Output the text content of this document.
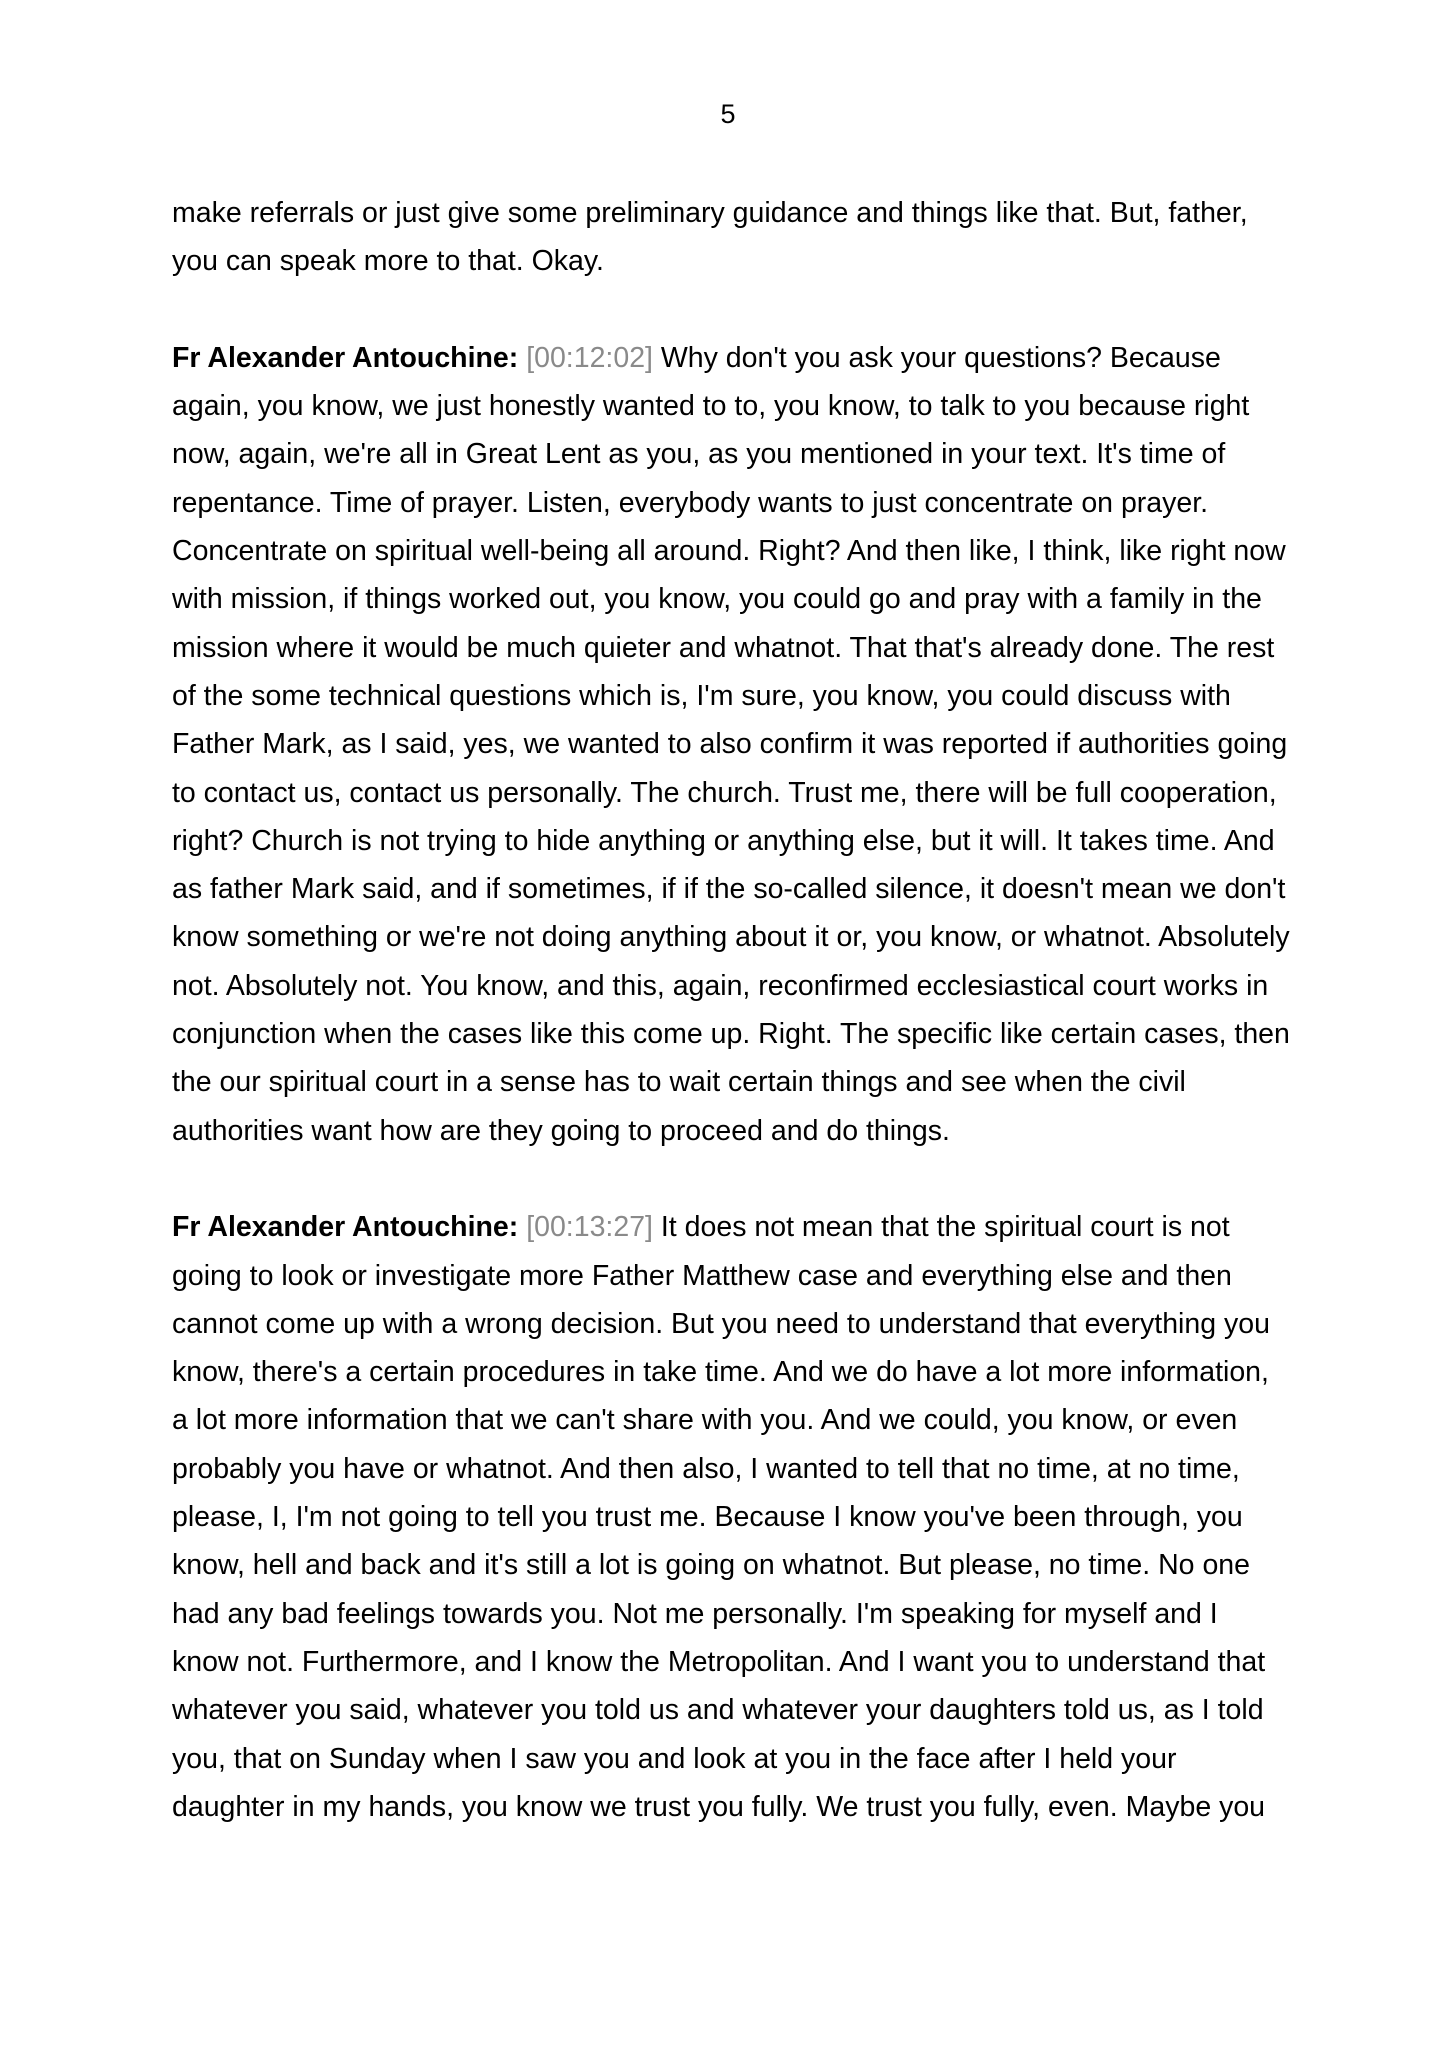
5

make referrals or just give some preliminary guidance and things like that. But, father, you can speak more to that. Okay.

Fr Alexander Antouchine: [00:12:02] Why don't you ask your questions? Because again, you know, we just honestly wanted to to, you know, to talk to you because right now, again, we're all in Great Lent as you, as you mentioned in your text. It's time of repentance. Time of prayer. Listen, everybody wants to just concentrate on prayer. Concentrate on spiritual well-being all around. Right? And then like, I think, like right now with mission, if things worked out, you know, you could go and pray with a family in the mission where it would be much quieter and whatnot. That that's already done. The rest of the some technical questions which is, I'm sure, you know, you could discuss with Father Mark, as I said, yes, we wanted to also confirm it was reported if authorities going to contact us, contact us personally. The church. Trust me, there will be full cooperation, right? Church is not trying to hide anything or anything else, but it will. It takes time. And as father Mark said, and if sometimes, if if the so-called silence, it doesn't mean we don't know something or we're not doing anything about it or, you know, or whatnot. Absolutely not. Absolutely not. You know, and this, again, reconfirmed ecclesiastical court works in conjunction when the cases like this come up. Right. The specific like certain cases, then the our spiritual court in a sense has to wait certain things and see when the civil authorities want how are they going to proceed and do things.

Fr Alexander Antouchine: [00:13:27] It does not mean that the spiritual court is not going to look or investigate more Father Matthew case and everything else and then cannot come up with a wrong decision. But you need to understand that everything you know, there's a certain procedures in take time. And we do have a lot more information, a lot more information that we can't share with you. And we could, you know, or even probably you have or whatnot. And then also, I wanted to tell that no time, at no time, please, I, I'm not going to tell you trust me. Because I know you've been through, you know, hell and back and it's still a lot is going on whatnot. But please, no time. No one had any bad feelings towards you. Not me personally. I'm speaking for myself and I know not. Furthermore, and I know the Metropolitan. And I want you to understand that whatever you said, whatever you told us and whatever your daughters told us, as I told you, that on Sunday when I saw you and look at you in the face after I held your daughter in my hands, you know we trust you fully. We trust you fully, even. Maybe you
